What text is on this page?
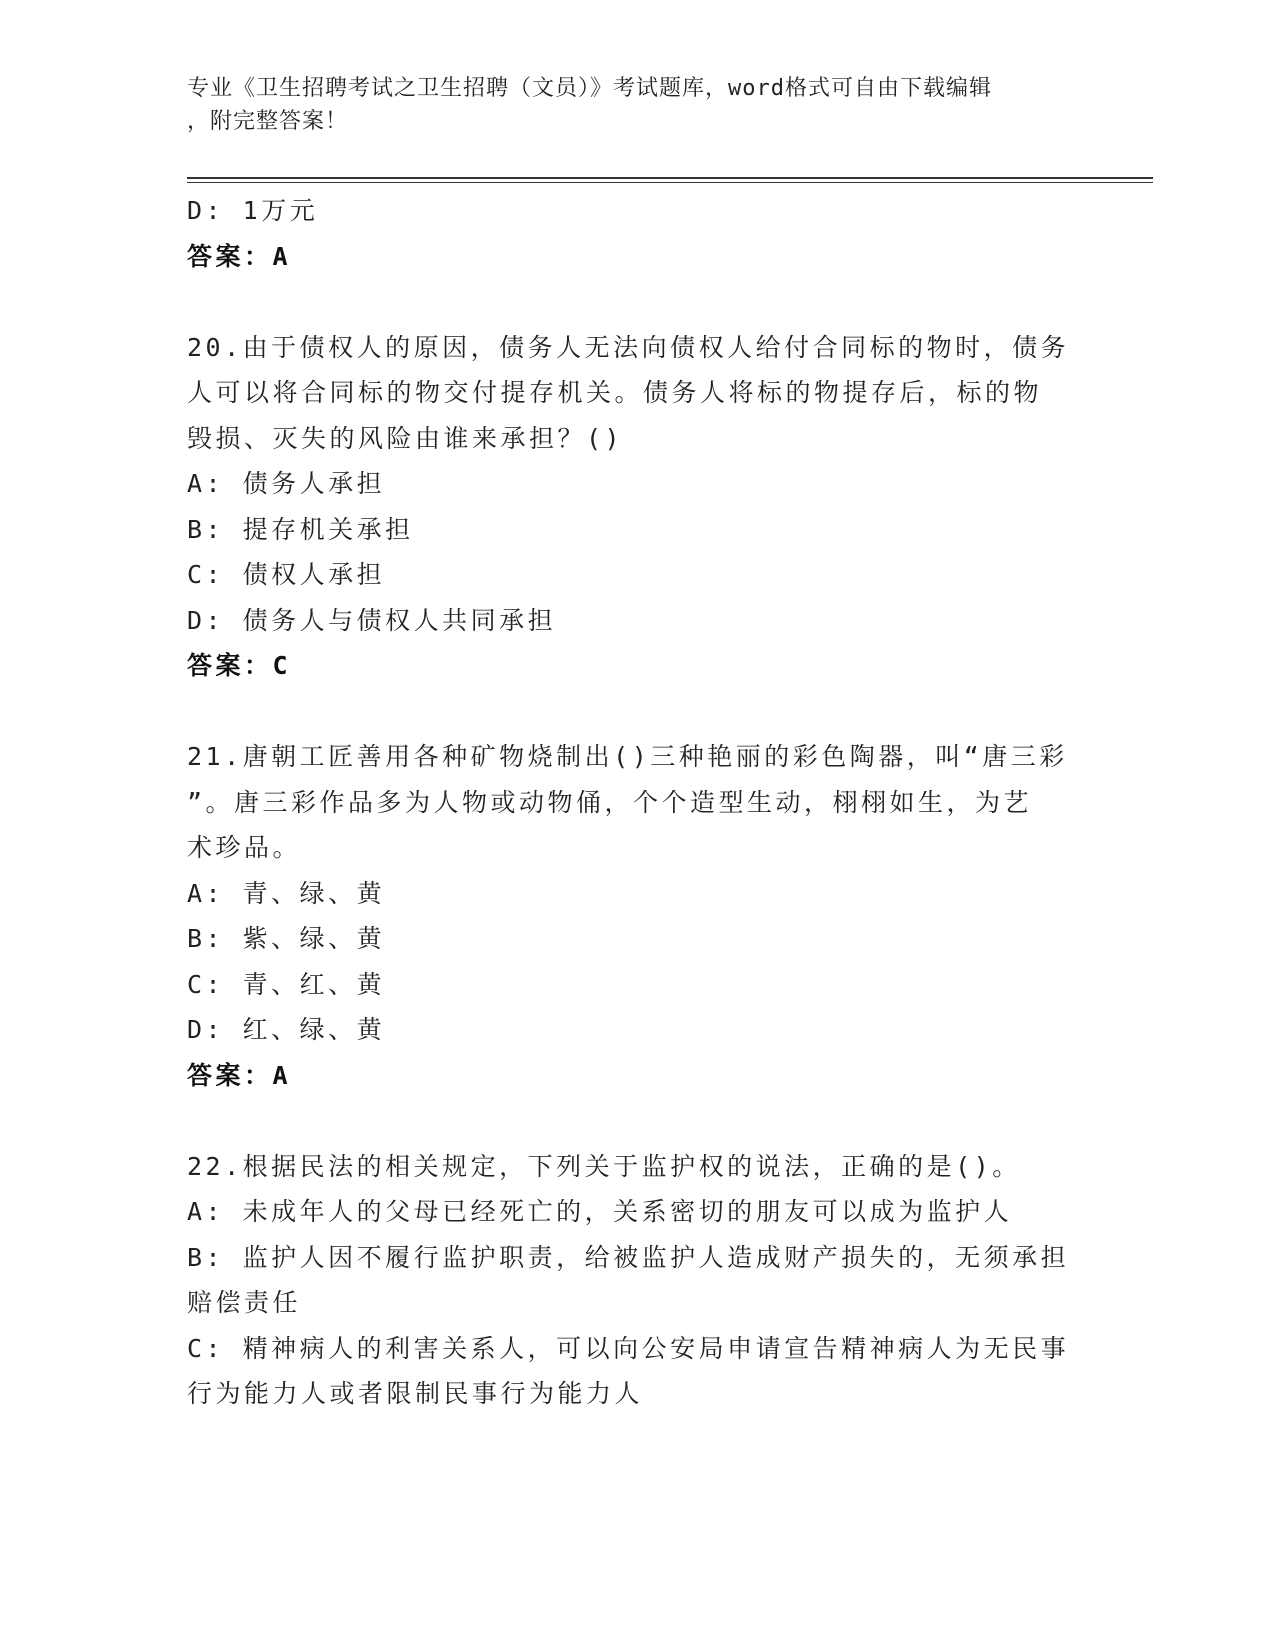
专业《卫生招聘考试之卫生招聘（文员）》考试题库，word格式可自由下载编辑
，附完整答案！
D: 1万元
答案：A
20.由于债权人的原因，债务人无法向债权人给付合同标的物时，债务
人可以将合同标的物交付提存机关。债务人将标的物提存后，标的物
毁损、灭失的风险由谁来承担？()
A: 债务人承担
B: 提存机关承担
C: 债权人承担
D: 债务人与债权人共同承担
答案：C
21.唐朝工匠善用各种矿物烧制出()三种艳丽的彩色陶器，叫“唐三彩
”。唐三彩作品多为人物或动物俑，个个造型生动，栩栩如生，为艺
术珍品。
A: 青、绿、黄
B: 紫、绿、黄
C: 青、红、黄
D: 红、绿、黄
答案：A
22.根据民法的相关规定，下列关于监护权的说法，正确的是()。
A: 未成年人的父母已经死亡的，关系密切的朋友可以成为监护人
B: 监护人因不履行监护职责，给被监护人造成财产损失的，无须承担
赔偿责任
C: 精神病人的利害关系人，可以向公安局申请宣告精神病人为无民事
行为能力人或者限制民事行为能力人
